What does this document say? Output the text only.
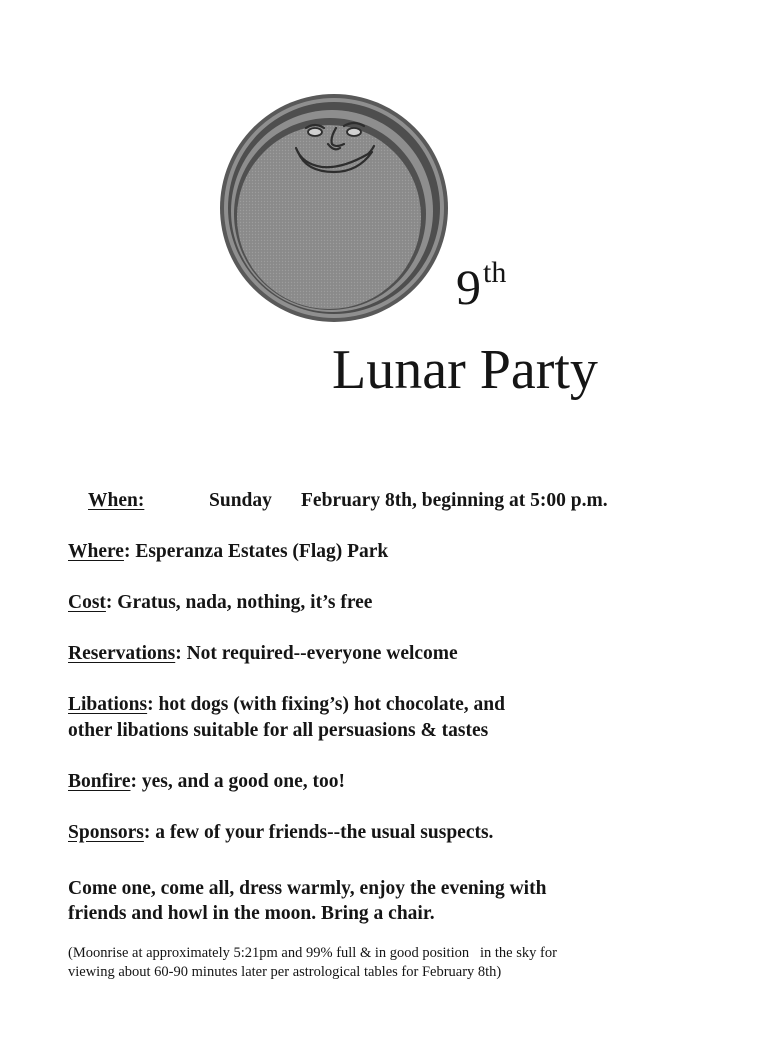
9th
Lunar Party
When:	Sunday February 8th, beginning at 5:00 p.m.
Where: Esperanza Estates (Flag) Park
Cost: Gratus, nada, nothing, it’s free
Reservations: Not required--everyone welcome
Libations: hot dogs (with fixing’s) hot chocolate, and
other libations suitable for all persuasions & tastes
Bonfire: yes, and a good one, too!
Sponsors: a few of your friends--the usual suspects.
Come one, come all, dress warmly, enjoy the evening with
friends and howl in the moon. Bring a chair.
(Moonrise at approximately 5:21pm and 99% full & in good position   in the sky for
viewing about 60-90 minutes later per astrological tables for February 8th)
